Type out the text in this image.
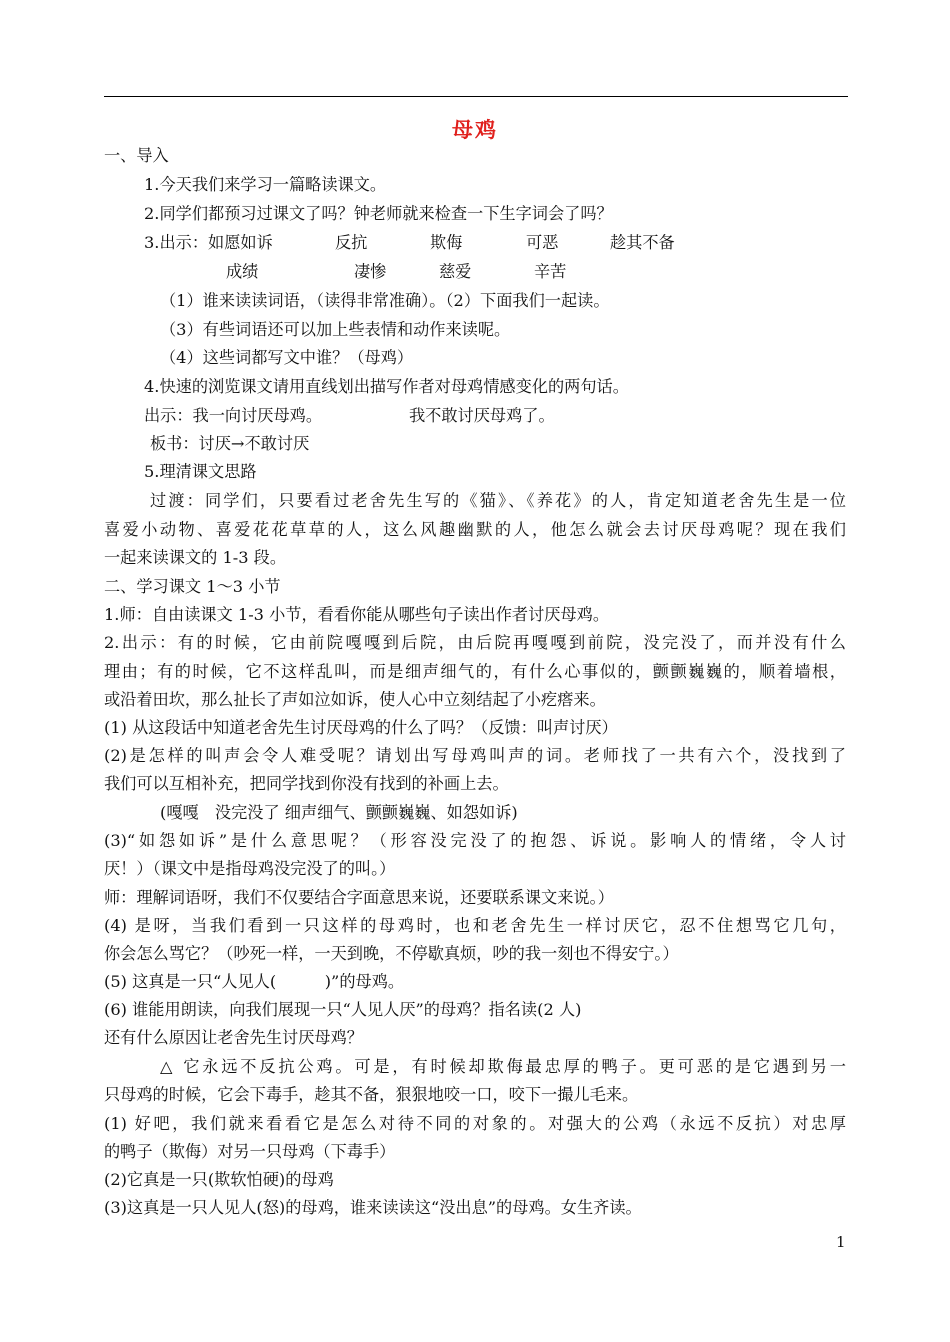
母鸡
一、导入
1.今天我们来学习一篇略读课文。
2.同学们都预习过课文了吗？钟老师就来检查一下生字词会了吗？
3.出示：如愿如诉	反抗	欺侮	可恶	趁其不备
成绩	凄惨	慈爱	辛苦
（1）谁来读读词语，（读得非常准确）。（2）下面我们一起读。
（3）有些词语还可以加上些表情和动作来读呢。
（4）这些词都写文中谁？（母鸡）
4.快速的浏览课文请用直线划出描写作者对母鸡情感变化的两句话。
出示：我一向讨厌母鸡。	我不敢讨厌母鸡了。
板书：讨厌→不敢讨厌
5.理清课文思路
过渡：同学们，只要看过老舍先生写的《猫》、《养花》的人，肯定知道老舍先生是一位
喜爱小动物、喜爱花花草草的人，这么风趣幽默的人，他怎么就会去讨厌母鸡呢？现在我们
一起来读课文的 1-3 段。
二、学习课文 1～3 小节
1.师：自由读课文 1-3 小节，看看你能从哪些句子读出作者讨厌母鸡。
2.出示：有的时候，它由前院嘎嘎到后院，由后院再嘎嘎到前院，没完没了，而并没有什么
理由；有的时候，它不这样乱叫，而是细声细气的，有什么心事似的，颤颤巍巍的，顺着墙根，
或沿着田坎，那么扯长了声如泣如诉，使人心中立刻结起了小疙瘩来。
(1) 从这段话中知道老舍先生讨厌母鸡的什么了吗？（反馈：叫声讨厌）
(2)是怎样的叫声会令人难受呢？请划出写母鸡叫声的词。老师找了一共有六个，没找到了
我们可以互相补充，把同学找到你没有找到的补画上去。
(嘎嘎　没完没了 细声细气、颤颤巍巍、如怨如诉)
(3)“如怨如诉”是什么意思呢？（形容没完没了的抱怨、诉说。影响人的情绪，令人讨
厌！）（课文中是指母鸡没完没了的叫。）
师：理解词语呀，我们不仅要结合字面意思来说，还要联系课文来说。）
(4) 是呀，当我们看到一只这样的母鸡时，也和老舍先生一样讨厌它，忍不住想骂它几句，
你会怎么骂它？（吵死一样，一天到晚，不停歇真烦，吵的我一刻也不得安宁。）
(5) 这真是一只“人见人(　　　)”的母鸡。
(6) 谁能用朗读，向我们展现一只“人见人厌”的母鸡？指名读(2 人)
还有什么原因让老舍先生讨厌母鸡？
△ 它永远不反抗公鸡。可是，有时候却欺侮最忠厚的鸭子。更可恶的是它遇到另一
只母鸡的时候，它会下毒手，趁其不备，狠狠地咬一口，咬下一撮儿毛来。
(1) 好吧，我们就来看看它是怎么对待不同的对象的。对强大的公鸡（永远不反抗）对忠厚
的鸭子（欺侮）对另一只母鸡（下毒手）
(2)它真是一只(欺软怕硬)的母鸡
(3)这真是一只人见人(怒)的母鸡，谁来读读这“没出息”的母鸡。女生齐读。
1
